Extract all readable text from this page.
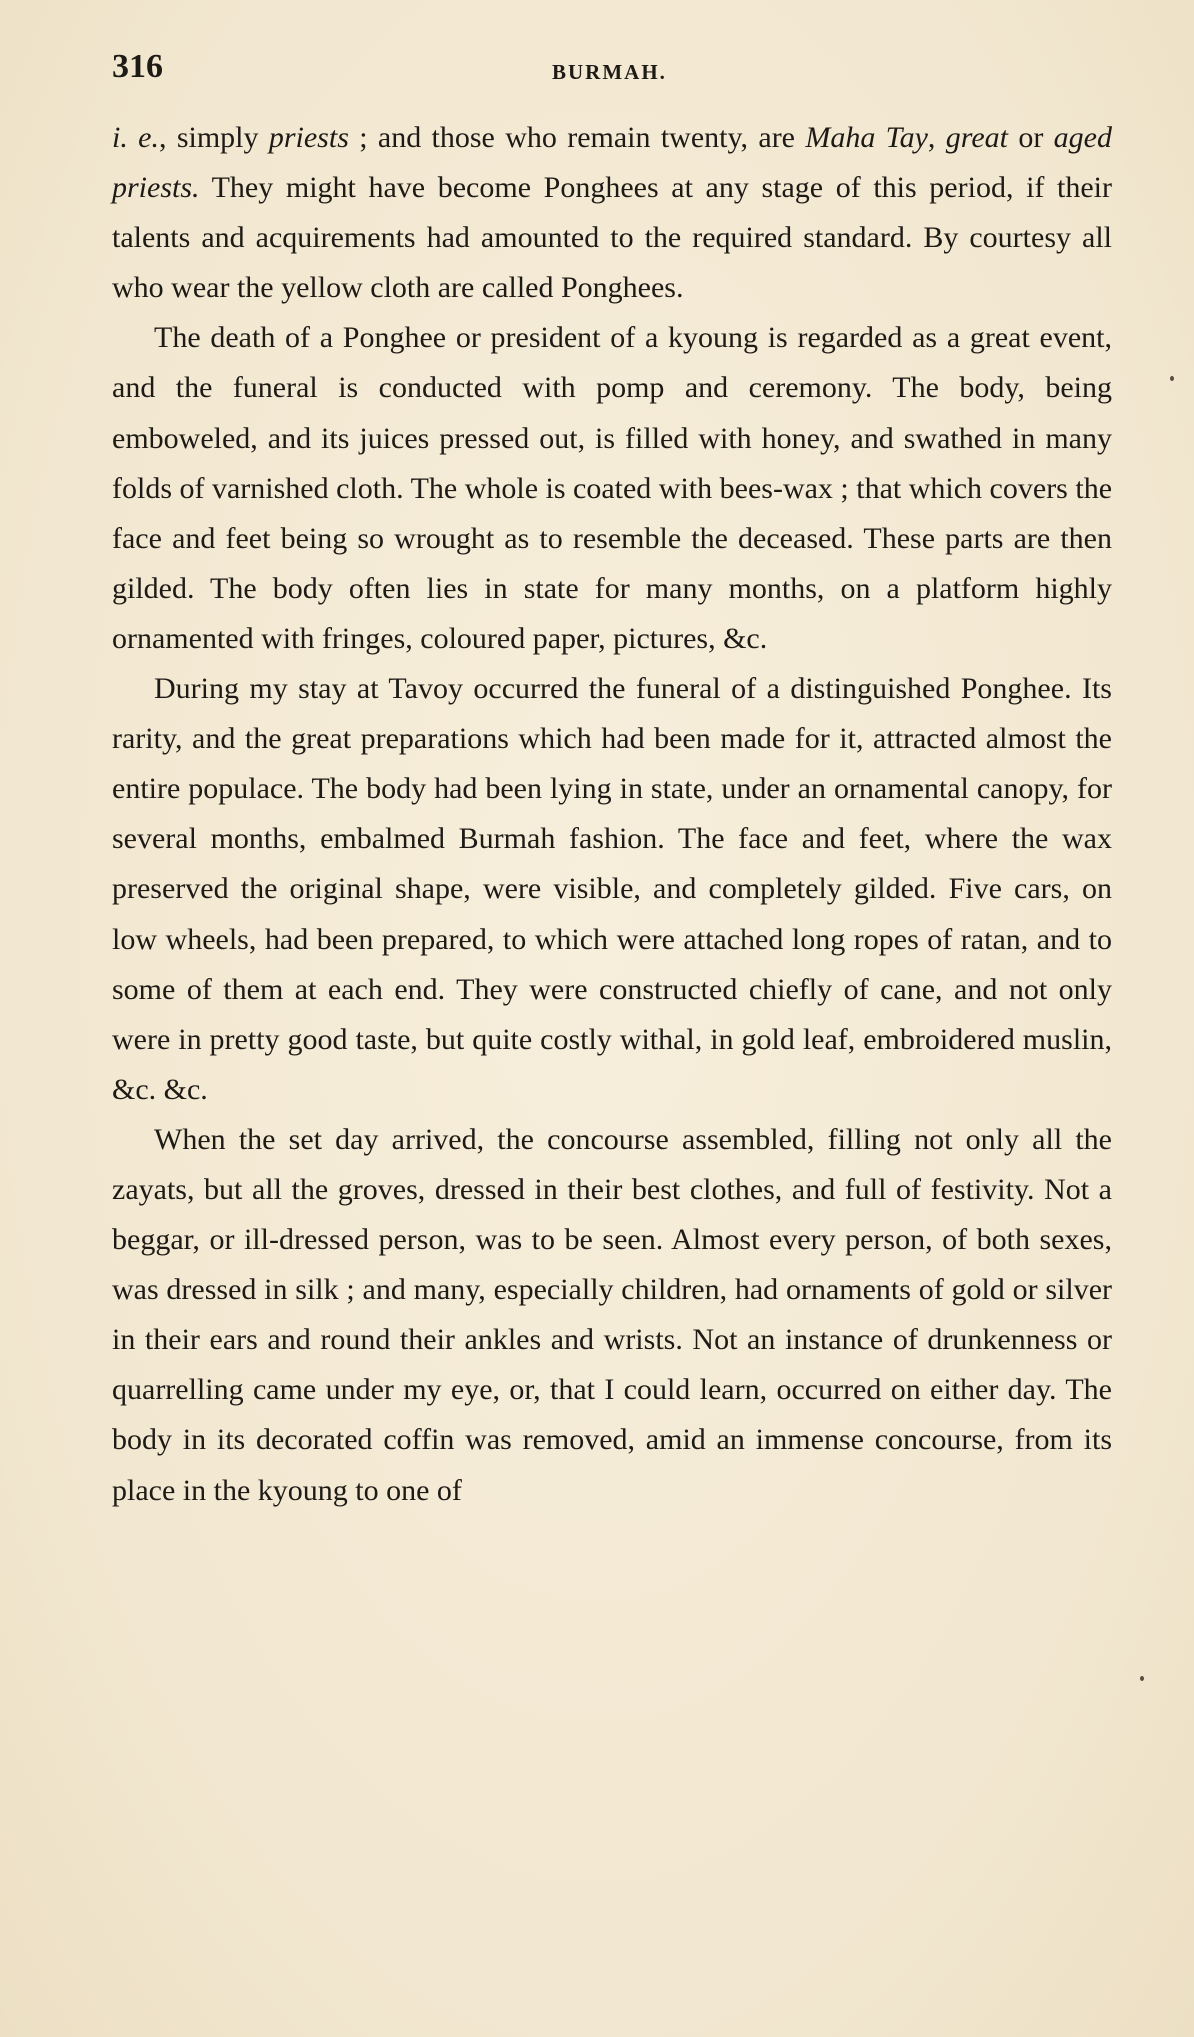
316	BURMAH.

i. e., simply priests ; and those who remain twenty, are Maha Tay, great or aged priests. They might have become Ponghees at any stage of this period, if their talents and acquirements had amounted to the required standard. By courtesy all who wear the yellow cloth are called Ponghees.

The death of a Ponghee or president of a kyoung is regarded as a great event, and the funeral is conducted with pomp and ceremony. The body, being emboweled, and its juices pressed out, is filled with honey, and swathed in many folds of varnished cloth. The whole is coated with bees-wax ; that which covers the face and feet being so wrought as to resemble the deceased. These parts are then gilded. The body often lies in state for many months, on a platform highly ornamented with fringes, coloured paper, pictures, &c.

During my stay at Tavoy occurred the funeral of a distinguished Ponghee. Its rarity, and the great preparations which had been made for it, attracted almost the entire populace. The body had been lying in state, under an ornamental canopy, for several months, embalmed Burmah fashion. The face and feet, where the wax preserved the original shape, were visible, and completely gilded. Five cars, on low wheels, had been prepared, to which were attached long ropes of ratan, and to some of them at each end. They were constructed chiefly of cane, and not only were in pretty good taste, but quite costly withal, in gold leaf, embroidered muslin, &c. &c.

When the set day arrived, the concourse assembled, filling not only all the zayats, but all the groves, dressed in their best clothes, and full of festivity. Not a beggar, or ill-dressed person, was to be seen. Almost every person, of both sexes, was dressed in silk ; and many, especially children, had ornaments of gold or silver in their ears and round their ankles and wrists. Not an instance of drunkenness or quarrelling came under my eye, or, that I could learn, occurred on either day. The body in its decorated coffin was removed, amid an immense concourse, from its place in the kyoung to one of
